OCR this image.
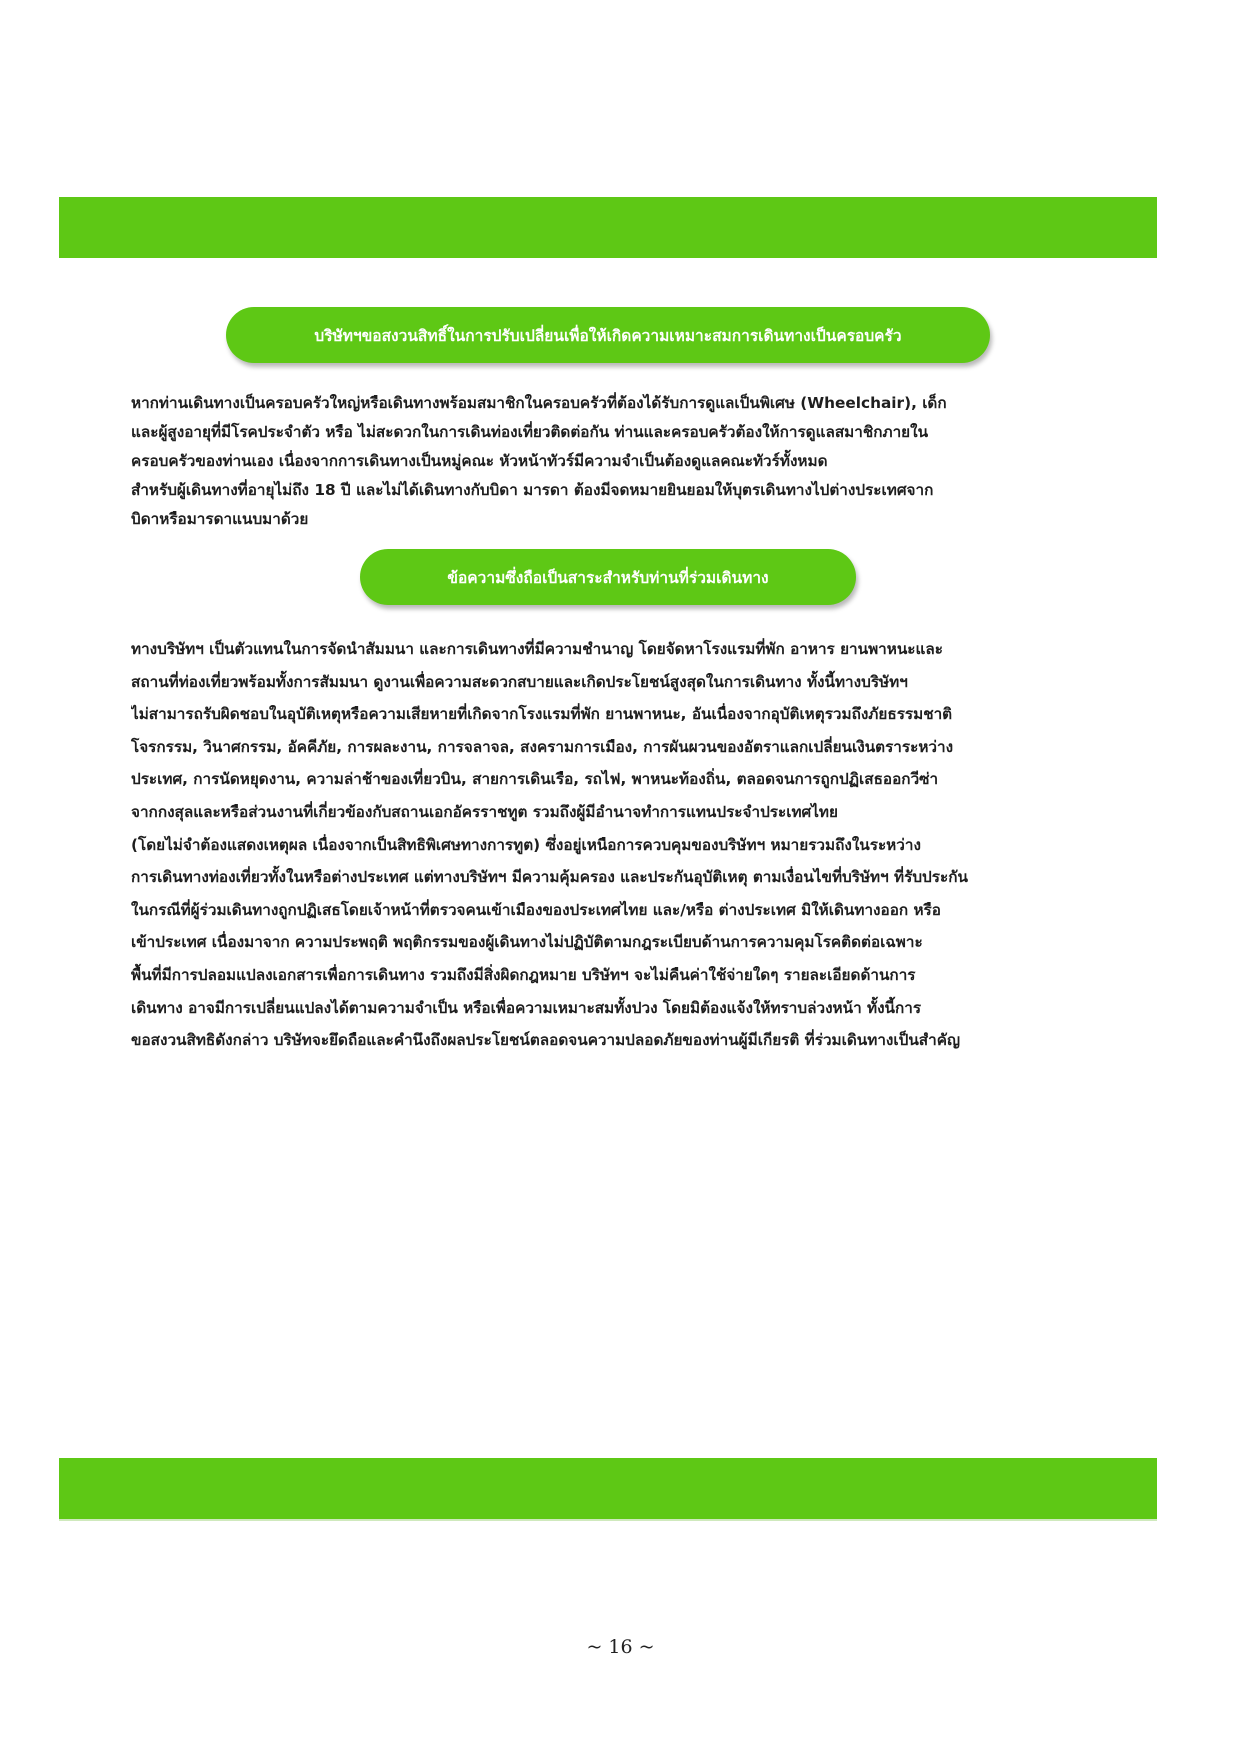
บริษัทฯขอสงวนสิทธิ์ในการปรับเปลี่ยนเพื่อให้เกิดความเหมาะสมการเดินทางเป็นครอบครัว
หากท่านเดินทางเป็นครอบครัวใหญ่หรือเดินทางพร้อมสมาชิกในครอบครัวที่ต้องได้รับการดูแลเป็นพิเศษ (Wheelchair), เด็ก
และผู้สูงอายุที่มีโรคประจำตัว หรือ ไม่สะดวกในการเดินท่องเที่ยวติดต่อกัน ท่านและครอบครัวต้องให้การดูแลสมาชิกภายใน
ครอบครัวของท่านเอง เนื่องจากการเดินทางเป็นหมู่คณะ หัวหน้าทัวร์มีความจำเป็นต้องดูแลคณะทัวร์ทั้งหมด
สำหรับผู้เดินทางที่อายุไม่ถึง 18 ปี และไม่ได้เดินทางกับบิดา มารดา ต้องมีจดหมายยินยอมให้บุตรเดินทางไปต่างประเทศจาก
บิดาหรือมารดาแนบมาด้วย
ข้อความซึ่งถือเป็นสาระสำหรับท่านที่ร่วมเดินทาง
ทางบริษัทฯ เป็นตัวแทนในการจัดนำสัมมนา และการเดินทางที่มีความชำนาญ โดยจัดหาโรงแรมที่พัก อาหาร ยานพาหนะและ
สถานที่ท่องเที่ยวพร้อมทั้งการสัมมนา ดูงานเพื่อความสะดวกสบายและเกิดประโยชน์สูงสุดในการเดินทาง ทั้งนี้ทางบริษัทฯ
ไม่สามารถรับผิดชอบในอุบัติเหตุหรือความเสียหายที่เกิดจากโรงแรมที่พัก ยานพาหนะ, อันเนื่องจากอุบัติเหตุรวมถึงภัยธรรมชาติ
โจรกรรม, วินาศกรรม, อัคคีภัย, การผละงาน, การจลาจล, สงครามการเมือง, การผันผวนของอัตราแลกเปลี่ยนเงินตราระหว่าง
ประเทศ, การนัดหยุดงาน, ความล่าช้าของเที่ยวบิน, สายการเดินเรือ, รถไฟ, พาหนะท้องถิ่น, ตลอดจนการถูกปฏิเสธออกวีซ่า
จากกงสุลและหรือส่วนงานที่เกี่ยวข้องกับสถานเอกอัครราชทูต รวมถึงผู้มีอำนาจทำการแทนประจำประเทศไทย
(โดยไม่จำต้องแสดงเหตุผล เนื่องจากเป็นสิทธิพิเศษทางการทูต) ซึ่งอยู่เหนือการควบคุมของบริษัทฯ หมายรวมถึงในระหว่าง
การเดินทางท่องเที่ยวทั้งในหรือต่างประเทศ แต่ทางบริษัทฯ มีความคุ้มครอง และประกันอุบัติเหตุ ตามเงื่อนไขที่บริษัทฯ ที่รับประกัน
ในกรณีที่ผู้ร่วมเดินทางถูกปฏิเสธโดยเจ้าหน้าที่ตรวจคนเข้าเมืองของประเทศไทย และ/หรือ ต่างประเทศ มิให้เดินทางออก หรือ
เข้าประเทศ เนื่องมาจาก ความประพฤติ พฤติกรรมของผู้เดินทางไม่ปฏิบัติตามกฎระเบียบด้านการความคุมโรคติดต่อเฉพาะ
พื้นที่มีการปลอมแปลงเอกสารเพื่อการเดินทาง รวมถึงมีสิ่งผิดกฎหมาย บริษัทฯ จะไม่คืนค่าใช้จ่ายใดๆ รายละเอียดด้านการ
เดินทาง อาจมีการเปลี่ยนแปลงได้ตามความจำเป็น หรือเพื่อความเหมาะสมทั้งปวง โดยมิต้องแจ้งให้ทราบล่วงหน้า ทั้งนี้การ
ขอสงวนสิทธิดังกล่าว บริษัทจะยึดถือและคำนึงถึงผลประโยชน์ตลอดจนความปลอดภัยของท่านผู้มีเกียรติ ที่ร่วมเดินทางเป็นสำคัญ
~ 16 ~
